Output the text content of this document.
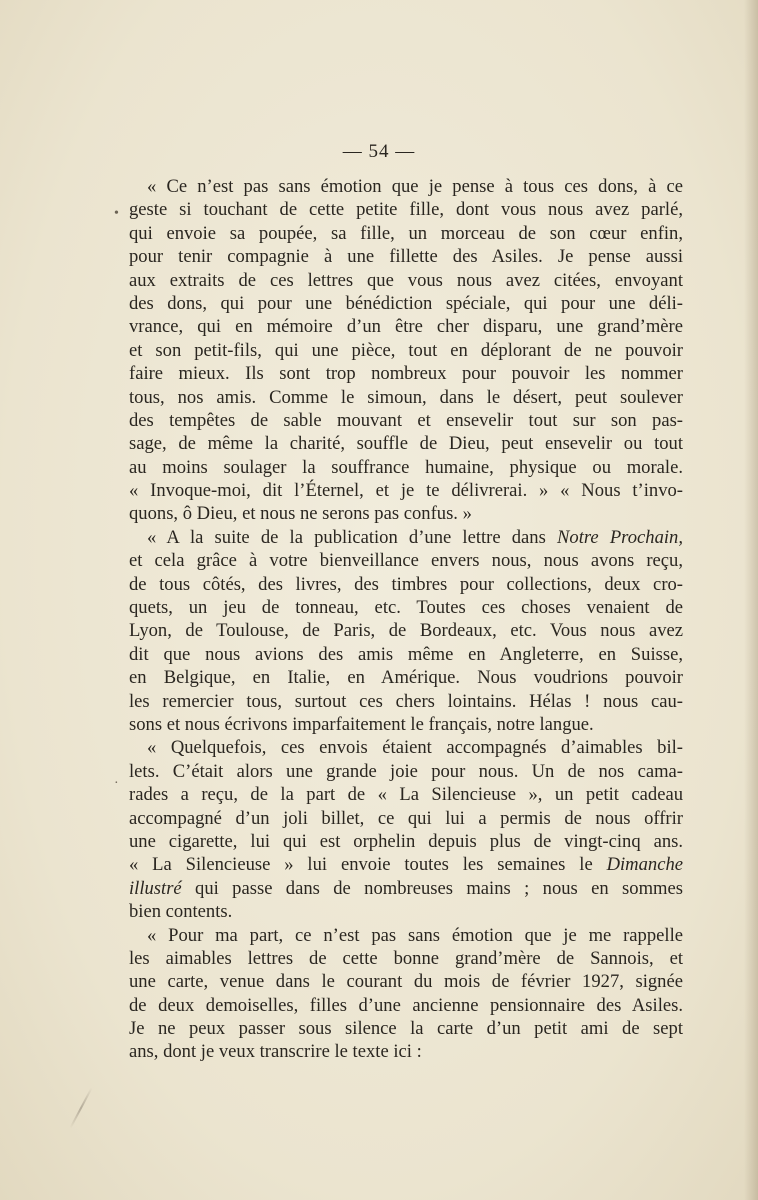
— 54 —
•
·
« Ce n’est pas sans émotion que je pense à tous ces dons, à ce
geste si touchant de cette petite fille, dont vous nous avez parlé,
qui envoie sa poupée, sa fille, un morceau de son cœur enfin,
pour tenir compagnie à une fillette des Asiles. Je pense aussi
aux extraits de ces lettres que vous nous avez citées, envoyant
des dons, qui pour une bénédiction spéciale, qui pour une déli-
vrance, qui en mémoire d’un être cher disparu, une grand’mère
et son petit-fils, qui une pièce, tout en déplorant de ne pouvoir
faire mieux. Ils sont trop nombreux pour pouvoir les nommer
tous, nos amis. Comme le simoun, dans le désert, peut soulever
des tempêtes de sable mouvant et ensevelir tout sur son pas-
sage, de même la charité, souffle de Dieu, peut ensevelir ou tout
au moins soulager la souffrance humaine, physique ou morale.
« Invoque-moi, dit l’Éternel, et je te délivrerai. » « Nous t’invo-
quons, ô Dieu, et nous ne serons pas confus. »
« A la suite de la publication d’une lettre dans Notre Prochain,
et cela grâce à votre bienveillance envers nous, nous avons reçu,
de tous côtés, des livres, des timbres pour collections, deux cro-
quets, un jeu de tonneau, etc. Toutes ces choses venaient de
Lyon, de Toulouse, de Paris, de Bordeaux, etc. Vous nous avez
dit que nous avions des amis même en Angleterre, en Suisse,
en Belgique, en Italie, en Amérique. Nous voudrions pouvoir
les remercier tous, surtout ces chers lointains. Hélas ! nous cau-
sons et nous écrivons imparfaitement le français, notre langue.
« Quelquefois, ces envois étaient accompagnés d’aimables bil-
lets. C’était alors une grande joie pour nous. Un de nos cama-
rades a reçu, de la part de « La Silencieuse », un petit cadeau
accompagné d’un joli billet, ce qui lui a permis de nous offrir
une cigarette, lui qui est orphelin depuis plus de vingt-cinq ans.
« La Silencieuse » lui envoie toutes les semaines le Dimanche
illustré qui passe dans de nombreuses mains ; nous en sommes
bien contents.
« Pour ma part, ce n’est pas sans émotion que je me rappelle
les aimables lettres de cette bonne grand’mère de Sannois, et
une carte, venue dans le courant du mois de février 1927, signée
de deux demoiselles, filles d’une ancienne pensionnaire des Asiles.
Je ne peux passer sous silence la carte d’un petit ami de sept
ans, dont je veux transcrire le texte ici :
